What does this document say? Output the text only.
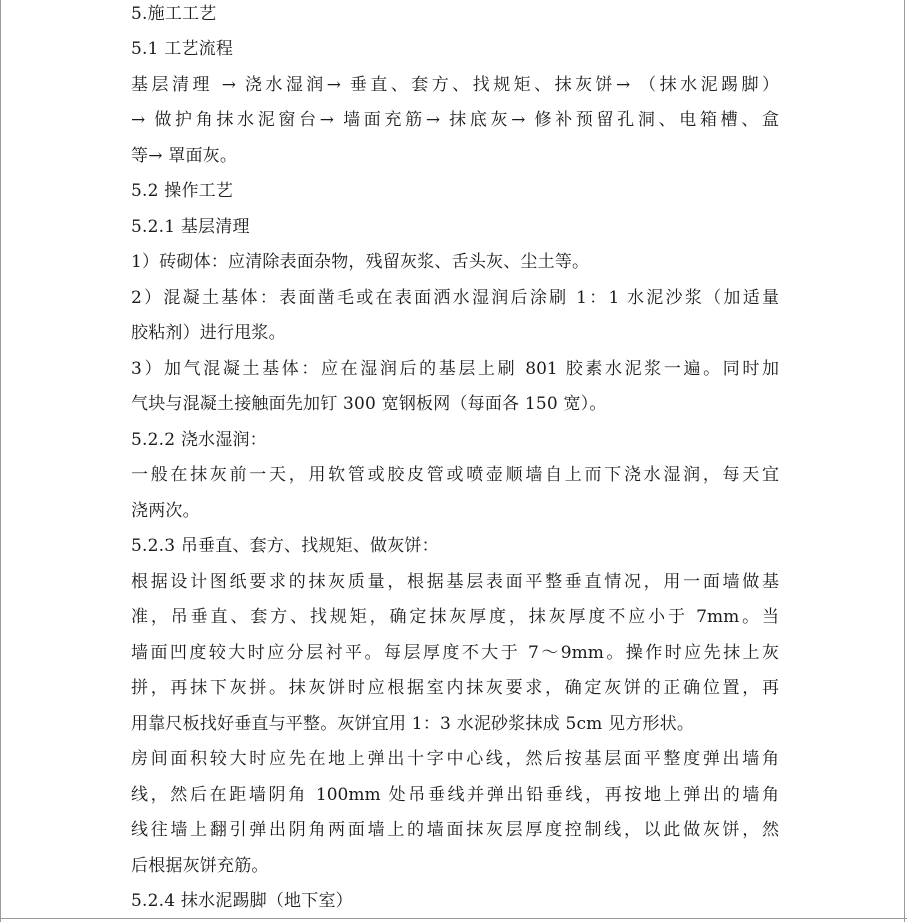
5.施工工艺
5.1 工艺流程
基层清理 → 浇水湿润→ 垂直、套方、找规矩、抹灰饼→ （抹水泥踢脚）
→ 做护角抹水泥窗台→ 墙面充筋→ 抹底灰→ 修补预留孔洞、电箱槽、盒
等→ 罩面灰。
5.2 操作工艺
5.2.1 基层清理
1）砖砌体：应清除表面杂物，残留灰浆、舌头灰、尘土等。
2）混凝土基体：表面凿毛或在表面洒水湿润后涂刷 1：1 水泥沙浆（加适量
胶粘剂）进行甩浆。
3）加气混凝土基体：应在湿润后的基层上刷 801 胶素水泥浆一遍。同时加
气块与混凝土接触面先加钉 300 宽钢板网（每面各 150 宽）。
5.2.2 浇水湿润：
一般在抹灰前一天，用软管或胶皮管或喷壶顺墙自上而下浇水湿润，每天宜
浇两次。
5.2.3 吊垂直、套方、找规矩、做灰饼：
根据设计图纸要求的抹灰质量，根据基层表面平整垂直情况，用一面墙做基
准，吊垂直、套方、找规矩，确定抹灰厚度，抹灰厚度不应小于 7mm。当
墙面凹度较大时应分层衬平。每层厚度不大于 7～9mm。操作时应先抹上灰
拼，再抹下灰拼。抹灰饼时应根据室内抹灰要求，确定灰饼的正确位置，再
用靠尺板找好垂直与平整。灰饼宜用 1：3 水泥砂浆抹成 5cm 见方形状。
房间面积较大时应先在地上弹出十字中心线，然后按基层面平整度弹出墙角
线，然后在距墙阴角 100mm 处吊垂线并弹出铅垂线，再按地上弹出的墙角
线往墙上翻引弹出阴角两面墙上的墙面抹灰层厚度控制线，以此做灰饼，然
后根据灰饼充筋。
5.2.4 抹水泥踢脚（地下室）
